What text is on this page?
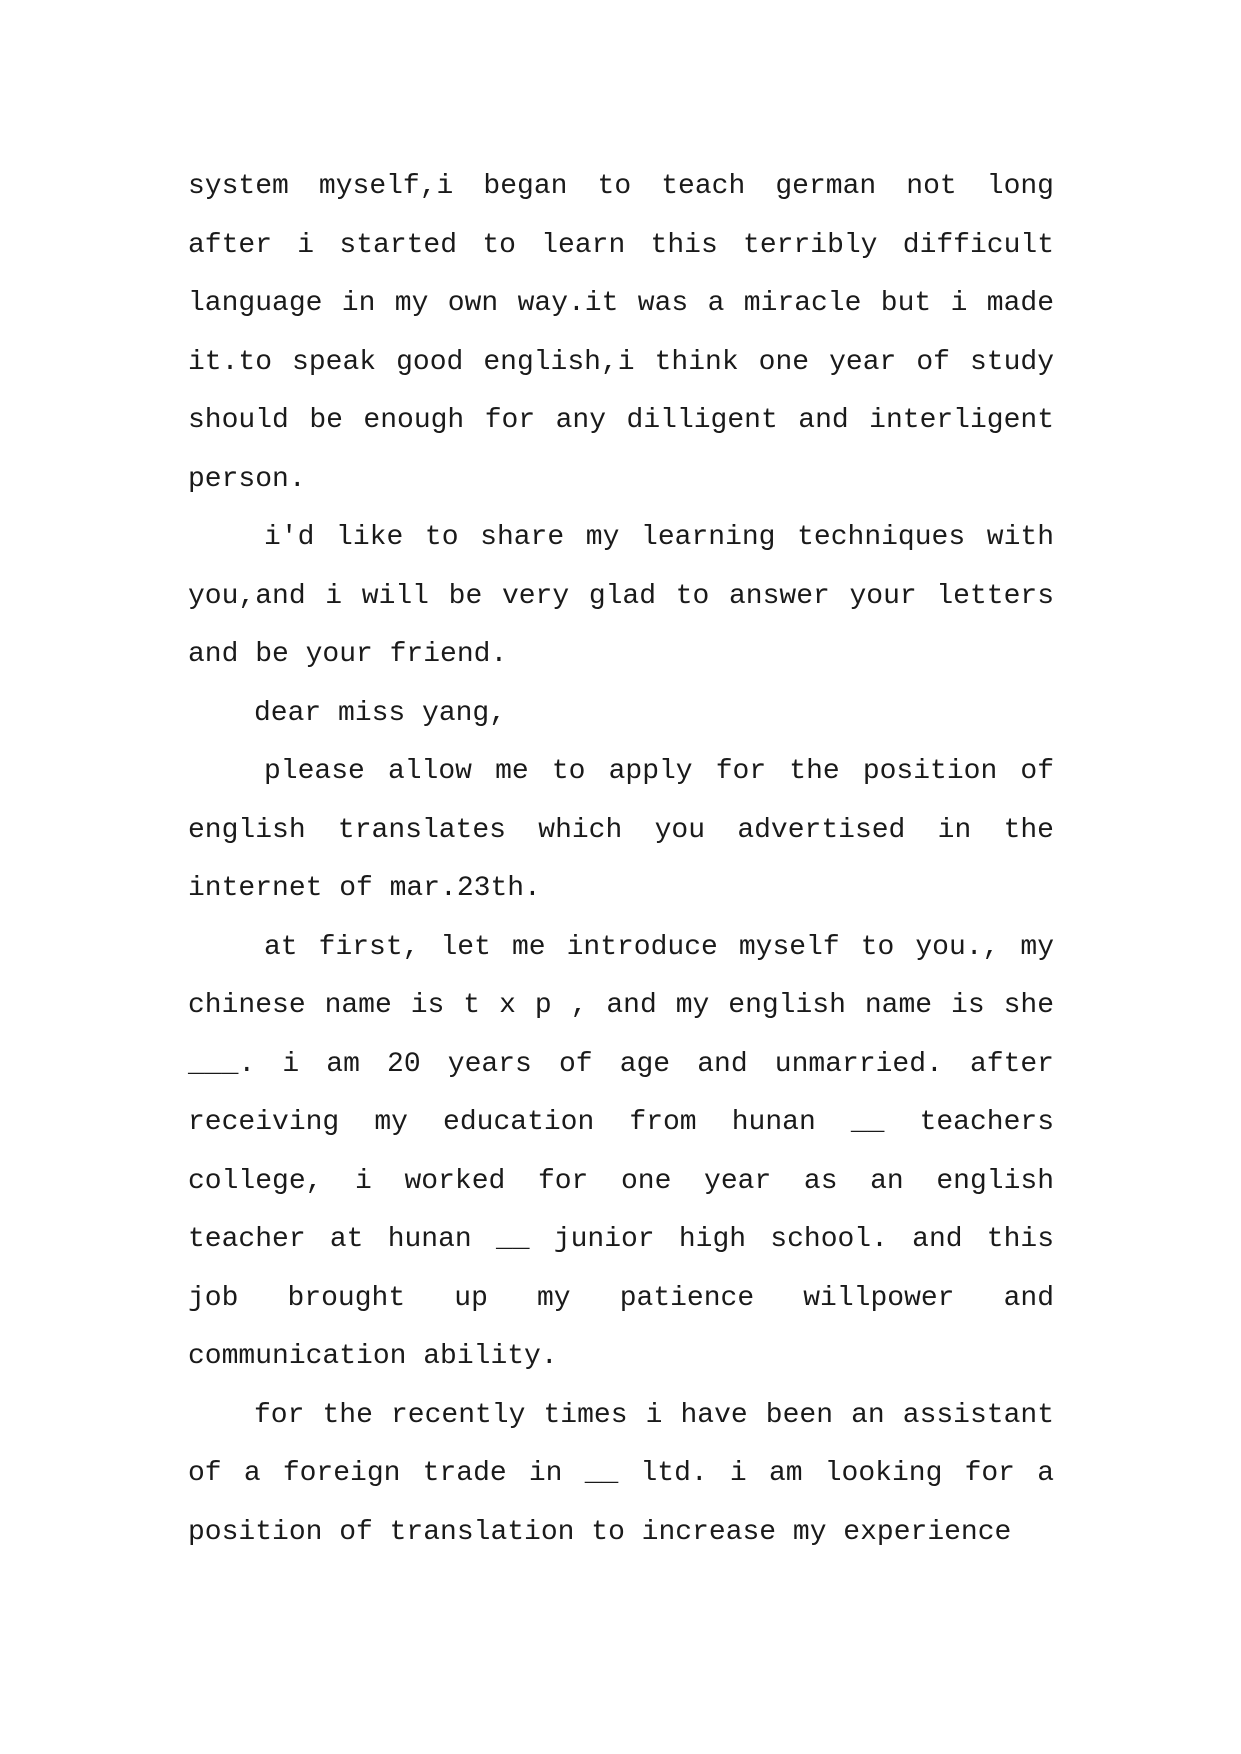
system myself,i began to teach german not long after i started to learn this terribly difficult language in my own way.it was a miracle but i made it.to speak good english,i think one year of study should be enough for any dilligent and interligent person.

i'd like to share my learning techniques with you,and i will be very glad to answer your letters and be your friend.

dear miss yang,

please allow me to apply for the position of english translates which you advertised in the internet of mar.23th.

at first, let me introduce myself to you., my chinese name is t x p , and my english name is she ___. i am 20 years of age and unmarried. after receiving my education from hunan __ teachers college, i worked for one year as an english teacher at hunan __ junior high school. and this job brought up my patience willpower and communication ability.

for the recently times i have been an assistant of a foreign trade in __ ltd. i am looking for a position of translation to increase my experience
